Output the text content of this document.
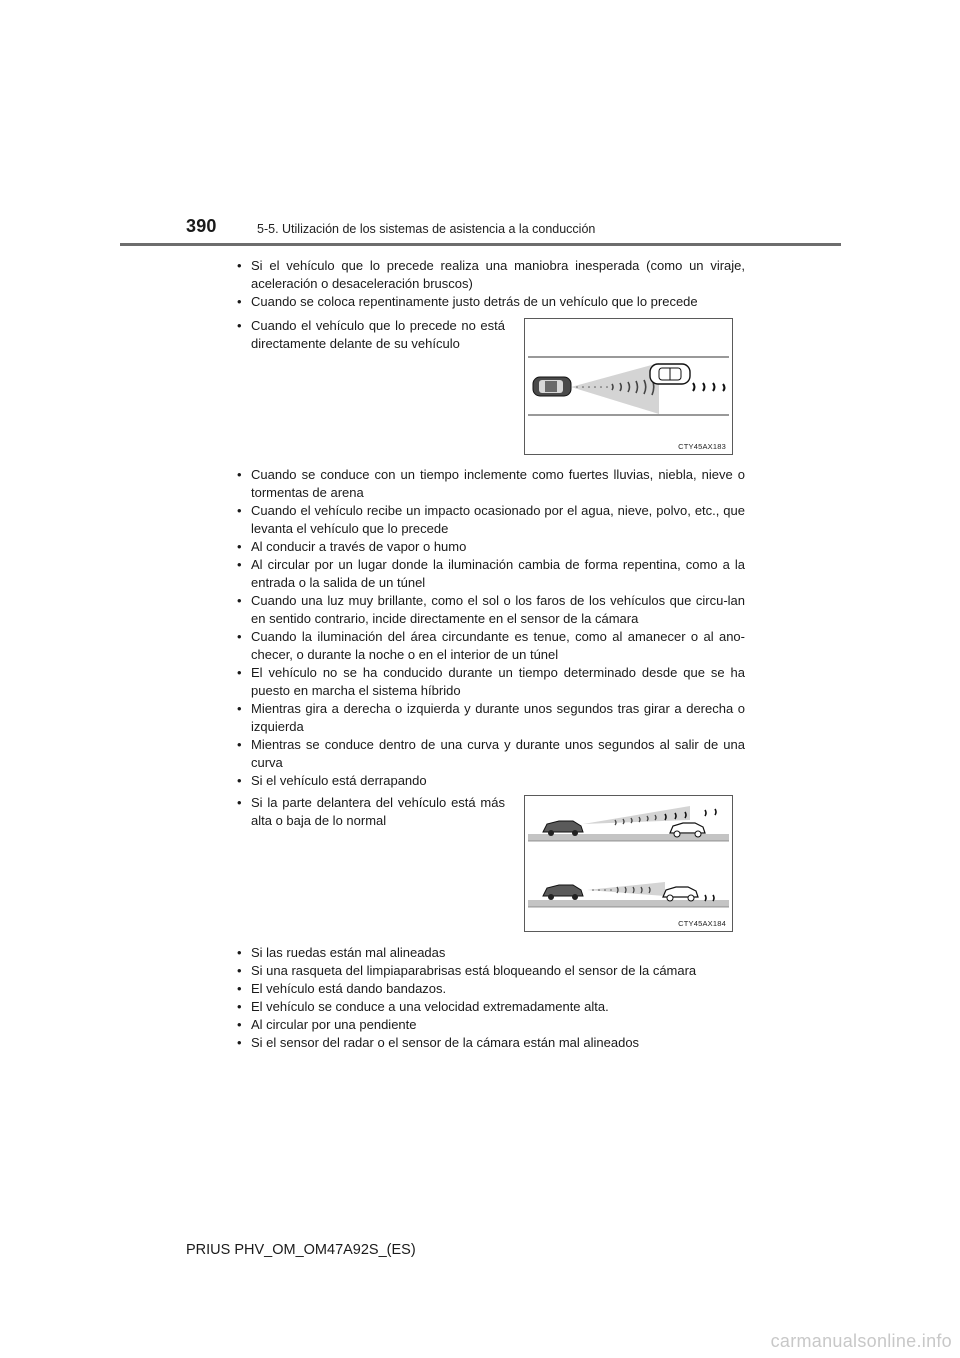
390	5-5. Utilización de los sistemas de asistencia a la conducción
• Si el vehículo que lo precede realiza una maniobra inesperada (como un viraje, aceleración o desaceleración bruscos)
• Cuando se coloca repentinamente justo detrás de un vehículo que lo precede
• Cuando el vehículo que lo precede no está directamente delante de su vehículo
CTY45AX183
• Cuando se conduce con un tiempo inclemente como fuertes lluvias, niebla, nieve o tormentas de arena
• Cuando el vehículo recibe un impacto ocasionado por el agua, nieve, polvo, etc., que levanta el vehículo que lo precede
• Al conducir a través de vapor o humo
• Al circular por un lugar donde la iluminación cambia de forma repentina, como a la entrada o la salida de un túnel
• Cuando una luz muy brillante, como el sol o los faros de los vehículos que circu-lan en sentido contrario, incide directamente en el sensor de la cámara
• Cuando la iluminación del área circundante es tenue, como al amanecer o al ano-checer, o durante la noche o en el interior de un túnel
• El vehículo no se ha conducido durante un tiempo determinado desde que se ha puesto en marcha el sistema híbrido
• Mientras gira a derecha o izquierda y durante unos segundos tras girar a derecha o izquierda
• Mientras se conduce dentro de una curva y durante unos segundos al salir de una curva
• Si el vehículo está derrapando
• Si la parte delantera del vehículo está más alta o baja de lo normal
CTY45AX184
• Si las ruedas están mal alineadas
• Si una rasqueta del limpiaparabrisas está bloqueando el sensor de la cámara
• El vehículo está dando bandazos.
• El vehículo se conduce a una velocidad extremadamente alta.
• Al circular por una pendiente
• Si el sensor del radar o el sensor de la cámara están mal alineados
PRIUS PHV_OM_OM47A92S_(ES)
carmanualsonline.info
